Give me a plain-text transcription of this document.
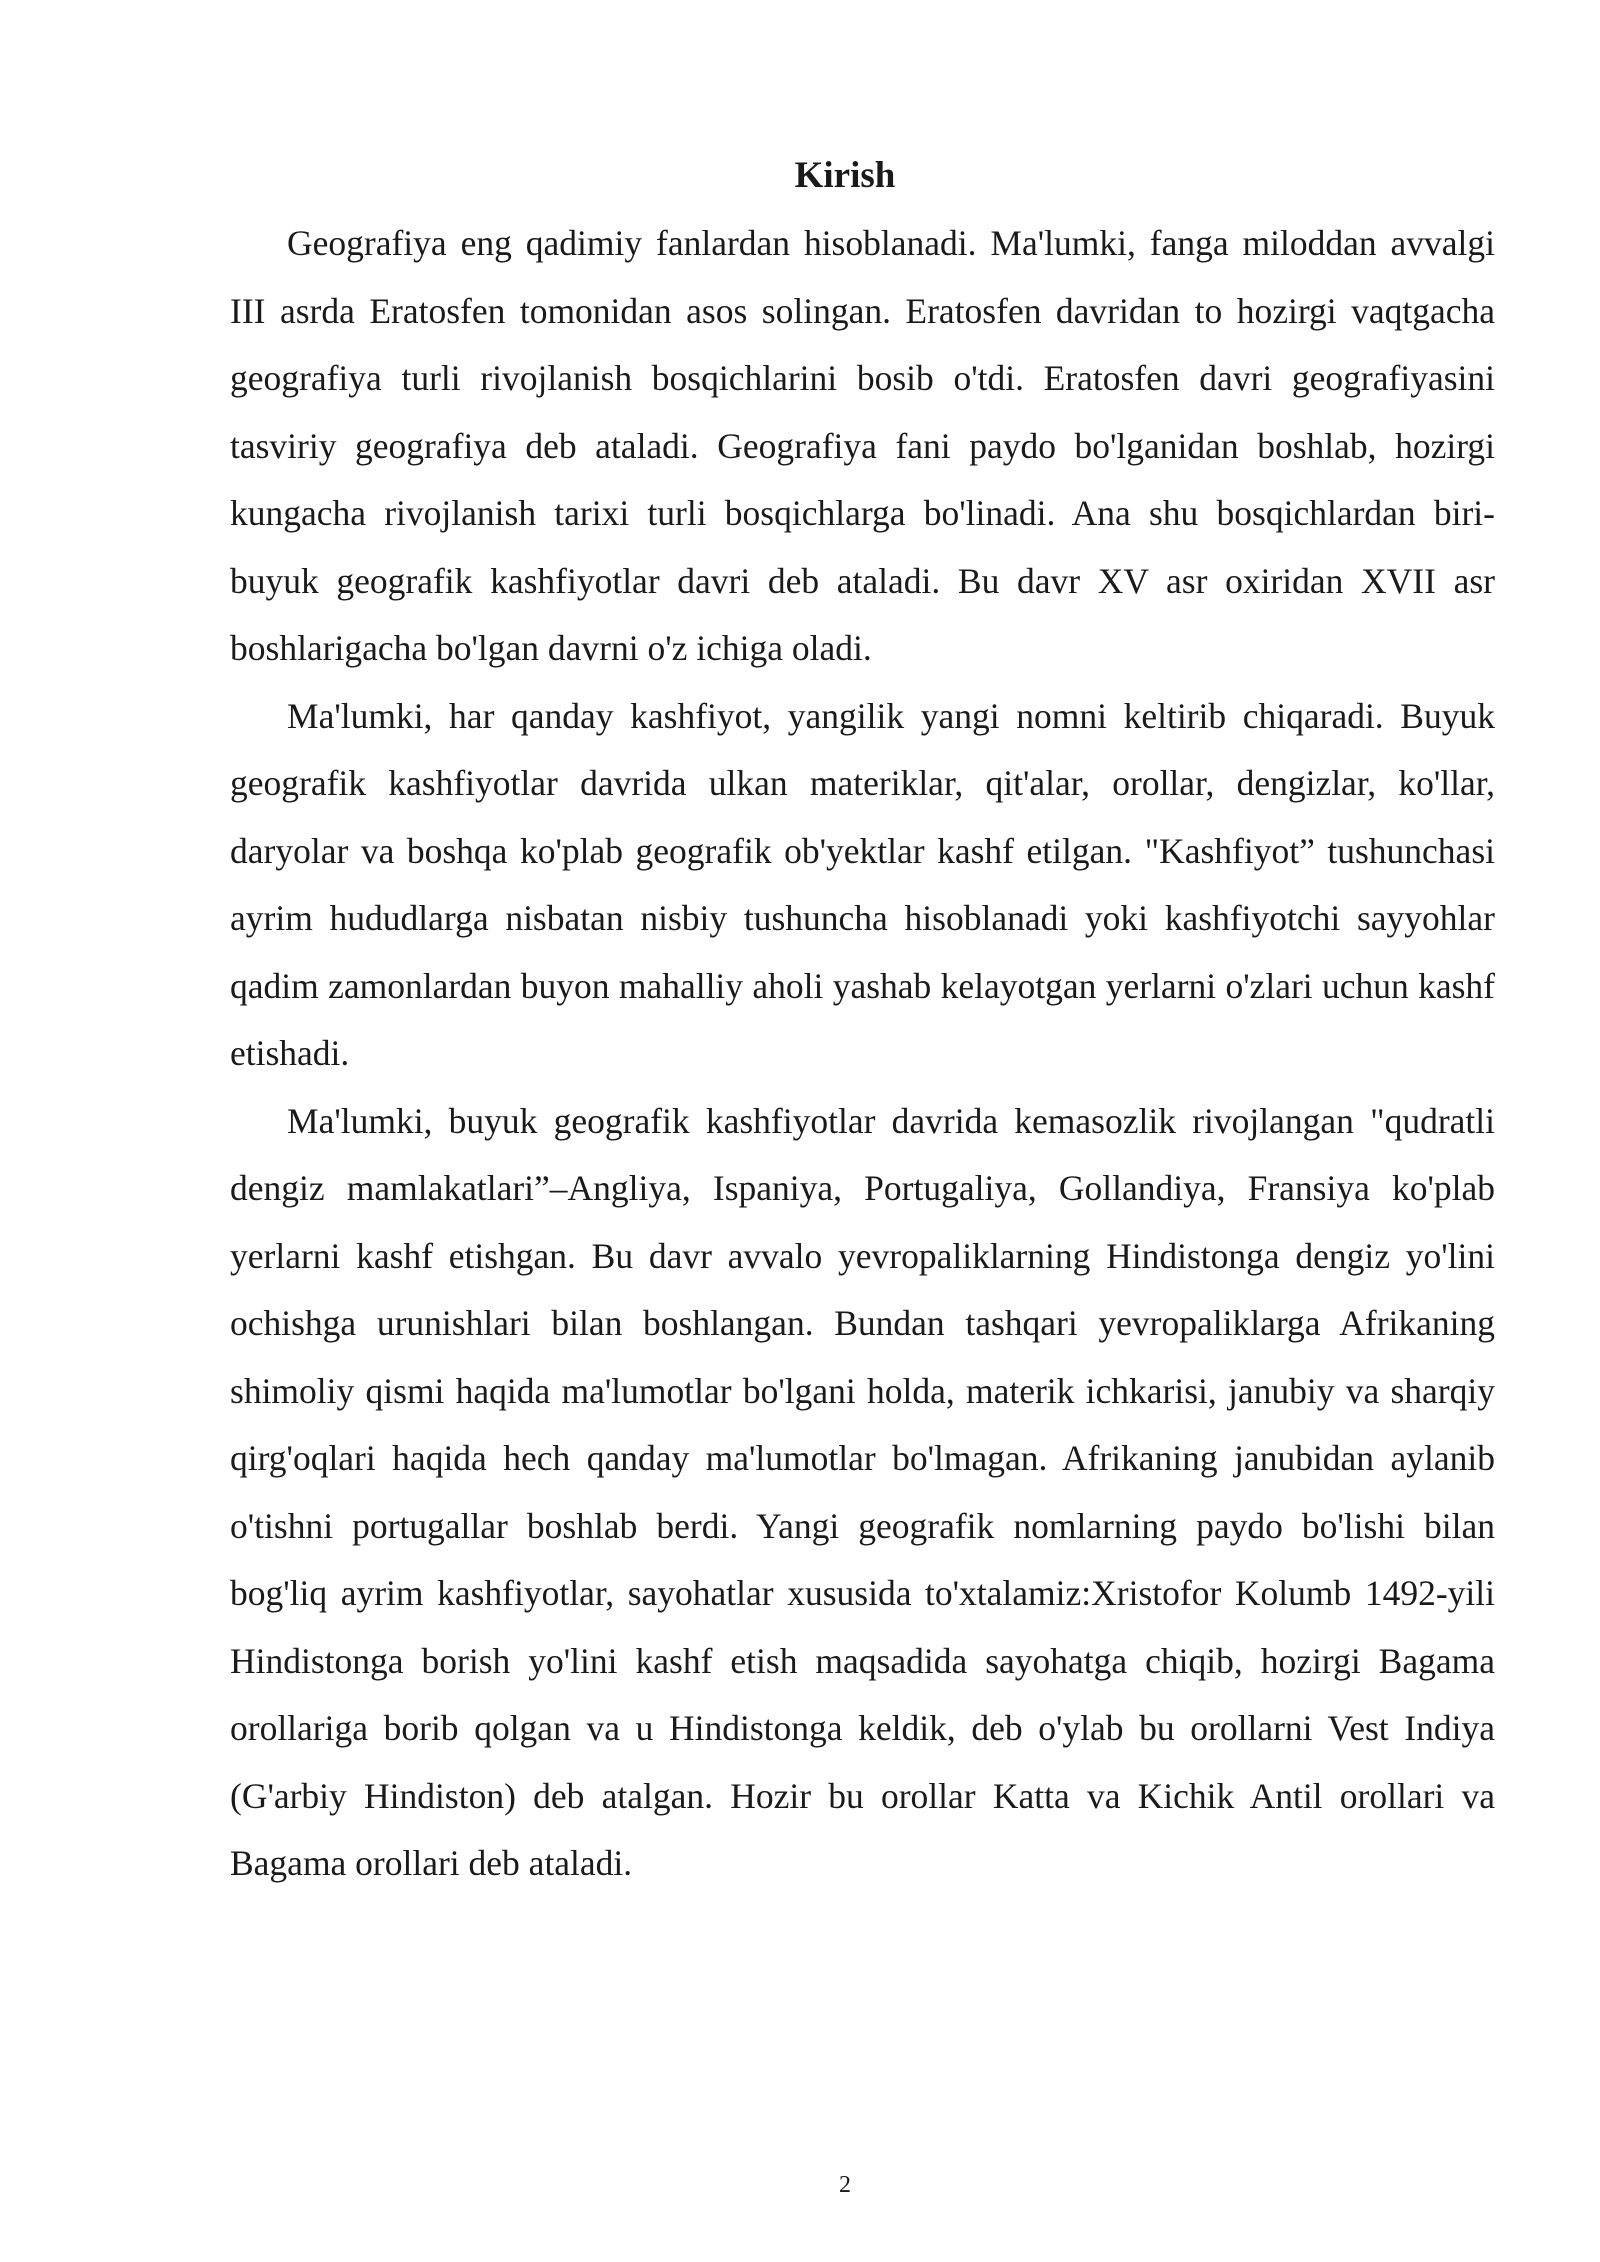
Kirish

Geografiya eng qadimiy fanlardan hisoblanadi. Ma'lumki, fanga miloddan avvalgi III asrda Eratosfen tomonidan asos solingan. Eratosfen davridan to hozirgi vaqtgacha geografiya turli rivojlanish bosqichlarini bosib o'tdi. Eratosfen davri geografiyasini tasviriy geografiya deb ataladi. Geografiya fani paydo bo'lganidan boshlab, hozirgi kungacha rivojlanish tarixi turli bosqichlarga bo'linadi. Ana shu bosqichlardan biri-buyuk geografik kashfiyotlar davri deb ataladi. Bu davr XV asr oxiridan XVII asr boshlarigacha bo'lgan davrni o'z ichiga oladi.

Ma'lumki, har qanday kashfiyot, yangilik yangi nomni keltirib chiqaradi. Buyuk geografik kashfiyotlar davrida ulkan materiklar, qit'alar, orollar, dengizlar, ko'llar, daryolar va boshqa ko'plab geografik ob'yektlar kashf etilgan. "Kashfiyot” tushunchasi ayrim hududlarga nisbatan nisbiy tushuncha hisoblanadi yoki kashfiyotchi sayyohlar qadim zamonlardan buyon mahalliy aholi yashab kelayotgan yerlarni o'zlari uchun kashf etishadi.

Ma'lumki, buyuk geografik kashfiyotlar davrida kemasozlik rivojlangan "qudratli dengiz mamlakatlari”–Angliya, Ispaniya, Portugaliya, Gollandiya, Fransiya ko'plab yerlarni kashf etishgan. Bu davr avvalo yevropaliklarning Hindistonga dengiz yo'lini ochishga urunishlari bilan boshlangan. Bundan tashqari yevropaliklarga Afrikaning shimoliy qismi haqida ma'lumotlar bo'lgani holda, materik ichkarisi, janubiy va sharqiy qirg'oqlari haqida hech qanday ma'lumotlar bo'lmagan. Afrikaning janubidan aylanib o'tishni portugallar boshlab berdi. Yangi geografik nomlarning paydo bo'lishi bilan bog'liq ayrim kashfiyotlar, sayohatlar xususida to'xtalamiz:Xristofor Kolumb 1492-yili Hindistonga borish yo'lini kashf etish maqsadida sayohatga chiqib, hozirgi Bagama orollariga borib qolgan va u Hindistonga keldik, deb o'ylab bu orollarni Vest Indiya (G'arbiy Hindiston) deb atalgan. Hozir bu orollar Katta va Kichik Antil orollari va Bagama orollari deb ataladi.

2
